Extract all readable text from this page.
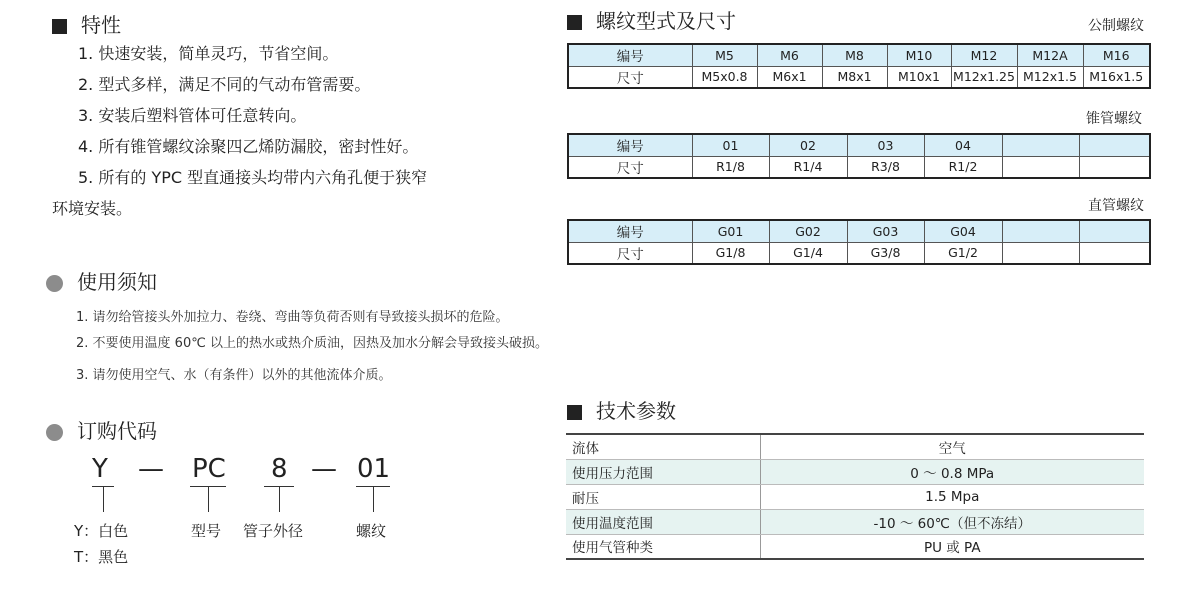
特性
1. 快速安装，简单灵巧，节省空间。
2. 型式多样，满足不同的气动布管需要。
3. 安装后塑料管体可任意转向。
4. 所有锥管螺纹涂聚四乙烯防漏胶，密封性好。
5. 所有的 YPC 型直通接头均带内六角孔便于狭窄
环境安装。
使用须知
1. 请勿给管接头外加拉力、卷绕、弯曲等负荷否则有导致接头损坏的危险。
2. 不要使用温度 60℃ 以上的热水或热介质油，因热及加水分解会导致接头破损。
3. 请勿使用空气、水（有条件）以外的其他流体介质。
订购代码
Y — PC 8 — 01
Y：白色
T：黑色
型号 管子外径	螺纹
螺纹型式及尺寸	公制螺纹
编号	M5	M6	M8	M10	M12	M12A	M16
尺寸	M5x0.8	M6x1	M8x1	M10x1	M12x1.25	M12x1.5	M16x1.5
锥管螺纹
编号	01	02	03	04		
尺寸	R1/8	R1/4	R3/8	R1/2		
直管螺纹
编号	G01	G02	G03	G04		
尺寸	G1/8	G1/4	G3/8	G1/2		
技术参数
流体	空气
使用压力范围	0 ～ 0.8 MPa
耐压	1.5 Mpa
使用温度范围	-10 ～ 60℃（但不冻结）
使用气管种类	PU 或 PA
